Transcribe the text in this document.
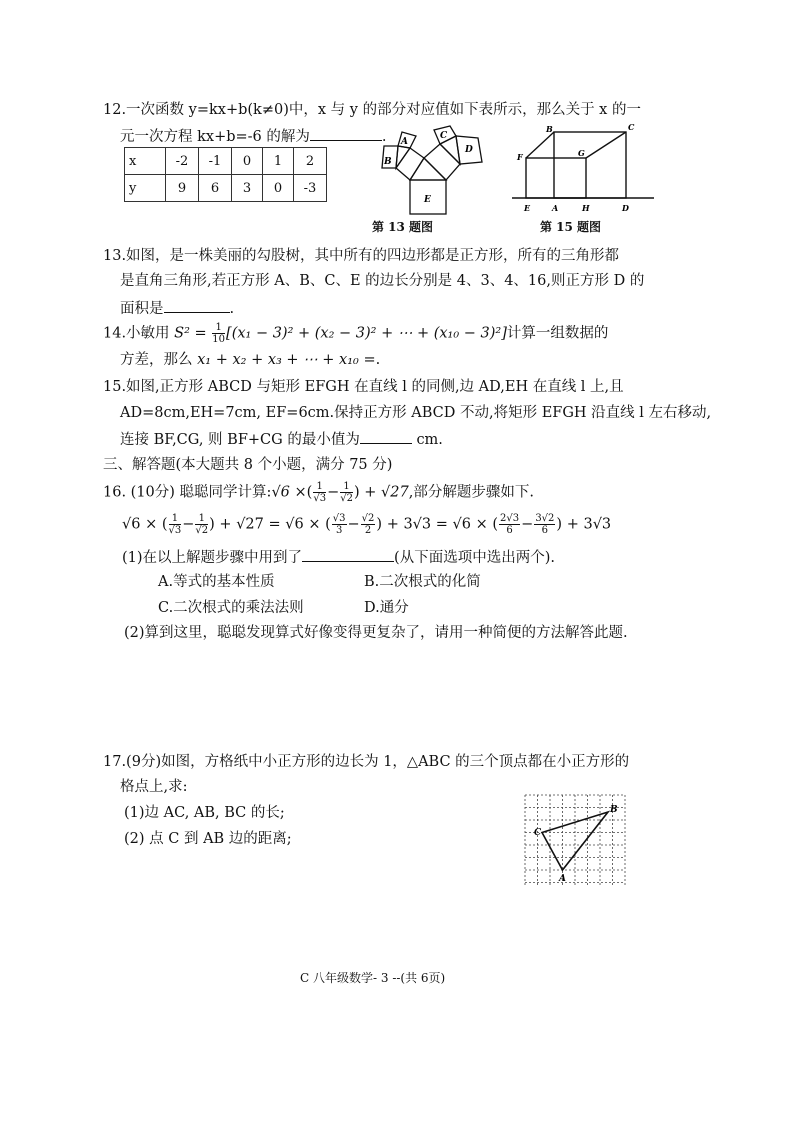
12.一次函数 y=kx+b(k≠0)中，x 与 y 的部分对应值如下表所示，那么关于 x 的一
元一次方程 kx+b=-6 的解为	.
x	-2	-1	0	1	2
y	9	6	3	0	-3
A
B
C
D
E
第 13 题图
B	C
F	G
E	A	H	D
第 15 题图
13.如图，是一株美丽的勾股树，其中所有的四边形都是正方形，所有的三角形都
是直角三角形,若正方形 A、B、C、E 的边长分别是 4、3、4、16,则正方形 D 的
面积是	.
14.小敏用 $S^2 = \frac{1}{10} [(x_1 - 3)^2 + (x_2 - 3)^2$ + ⋯ + (x₁₀ − 3)²]计算一组数据的
方差，那么 x₁ + x₂ + x₃ + ⋯ + x₁₀ =.
15.如图,正方形 ABCD 与矩形 EFGH 在直线 l 的同侧,边 AD,EH 在直线 l 上,且
AD=8cm,EH=7cm, EF=6cm.保持正方形 ABCD 不动,将矩形 EFGH 沿直线 l 左右移动,
连接 BF,CG, 则 BF+CG 的最小值为	cm.
三、解答题(本大题共 8 个小题，满分 75 分)
16. (10分) 聪聪同学计算:√6 ×( $\frac{1}{√3} - \frac{1}{√2}$ ) + √27,部分解题步骤如下.
√6 × ( $\frac{1}{√3} - \frac{1}{√2}$ ) + √27 = √6 × ( $\frac{√3}{3} - \frac{√2}{2}$ ) + 3√3 = √6 × ( $\frac{2√3}{6} - \frac{3√2}{6}$ ) + 3√3
(1)在以上解题步骤中用到了	(从下面选项中选出两个).
A.等式的基本性质	B.二次根式的化简
C.二次根式的乘法法则	D.通分
(2)算到这里，聪聪发现算式好像变得更复杂了，请用一种简便的方法解答此题.
17.(9分)如图，方格纸中小正方形的边长为 1，△ABC 的三个顶点都在小正方形的
格点上,求:
(1)边 AC, AB, BC 的长;
(2) 点 C 到 AB 边的距离;
A
B
C
C 八年级数学- 3 --(共 6页)
